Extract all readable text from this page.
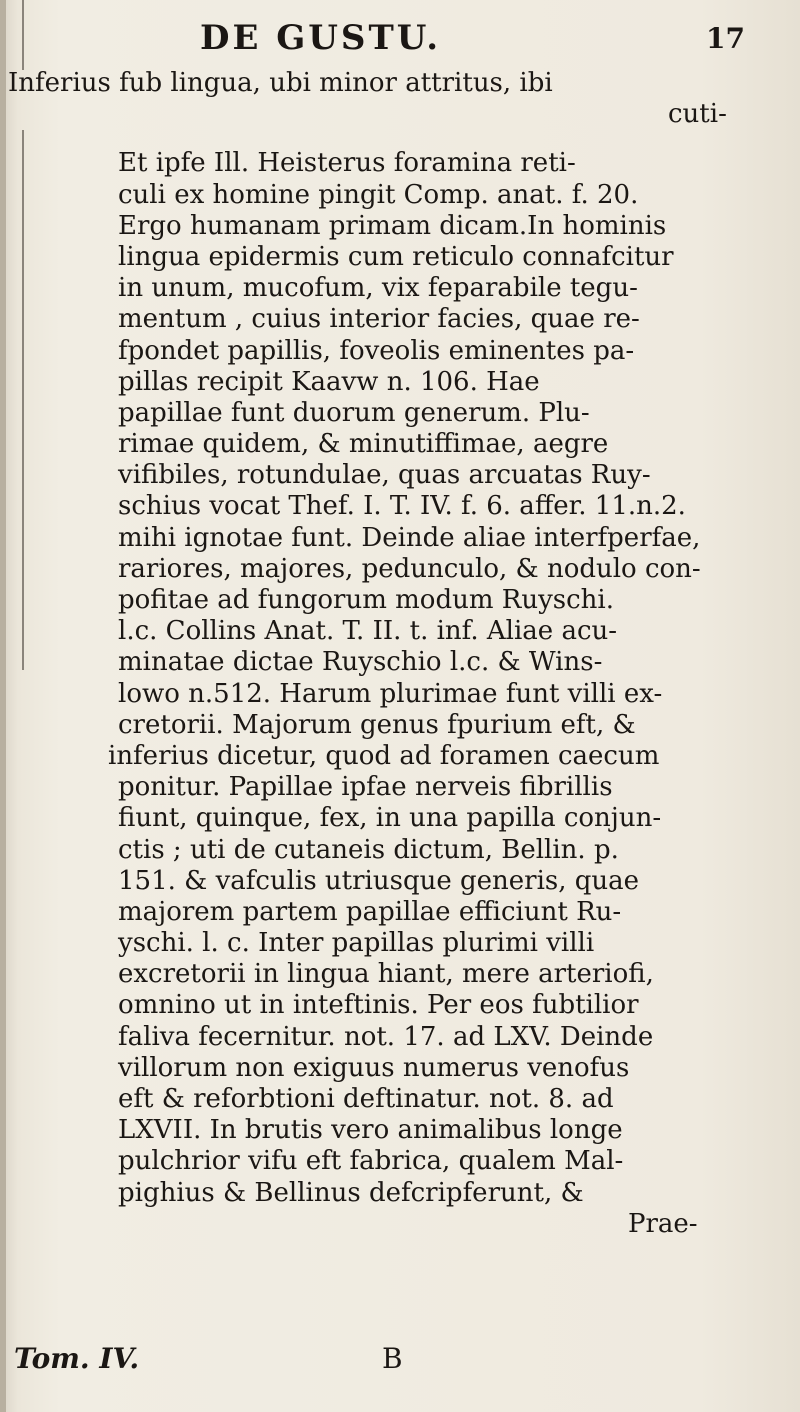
DE GUSTU.	17
Inferius fub lingua, ubi minor attritus, ibi
cuti-
Et ipfe Ill. Heisterus foramina reti-
culi ex homine pingit Comp. anat. f. 20.
Ergo humanam primam dicam.In hominis
lingua epidermis cum reticulo connafcitur
in unum, mucofum, vix feparabile tegu-
mentum , cuius interior facies, quae re-
fpondet papillis, foveolis eminentes pa-
pillas recipit Kaavw n. 106. Hae
papillae funt duorum generum. Plu-
rimae quidem, & minutiffimae, aegre
vifibiles, rotundulae, quas arcuatas Ruy-
schius vocat Thef. I. T. IV. f. 6. affer. 11.n.2.
mihi ignotae funt. Deinde aliae interfperfae,
rariores, majores, pedunculo, & nodulo con-
pofitae ad fungorum modum Ruyschi.
l.c. Collins Anat. T. II. t. inf. Aliae acu-
minatae dictae Ruyschio l.c. & Wins-
lowo n.512. Harum plurimae funt villi ex-
cretorii. Majorum genus fpurium eft, &
inferius dicetur, quod ad foramen caecum
ponitur. Papillae ipfae nerveis fibrillis
fiunt, quinque, fex, in una papilla conjun-
ctis ; uti de cutaneis dictum, Bellin. p.
151. & vafculis utriusque generis, quae
majorem partem papillae efficiunt Ru-
yschi. l. c. Inter papillas plurimi villi
excretorii in lingua hiant, mere arteriofi,
omnino ut in inteftinis. Per eos fubtilior
faliva fecernitur. not. 17. ad LXV. Deinde
villorum non exiguus numerus venofus
eft & reforbtioni deftinatur. not. 8. ad
LXVII. In brutis vero animalibus longe
pulchrior vifu eft fabrica, qualem Mal-
pighius & Bellinus defcripferunt, &
Prae-
Tom. IV.	B
